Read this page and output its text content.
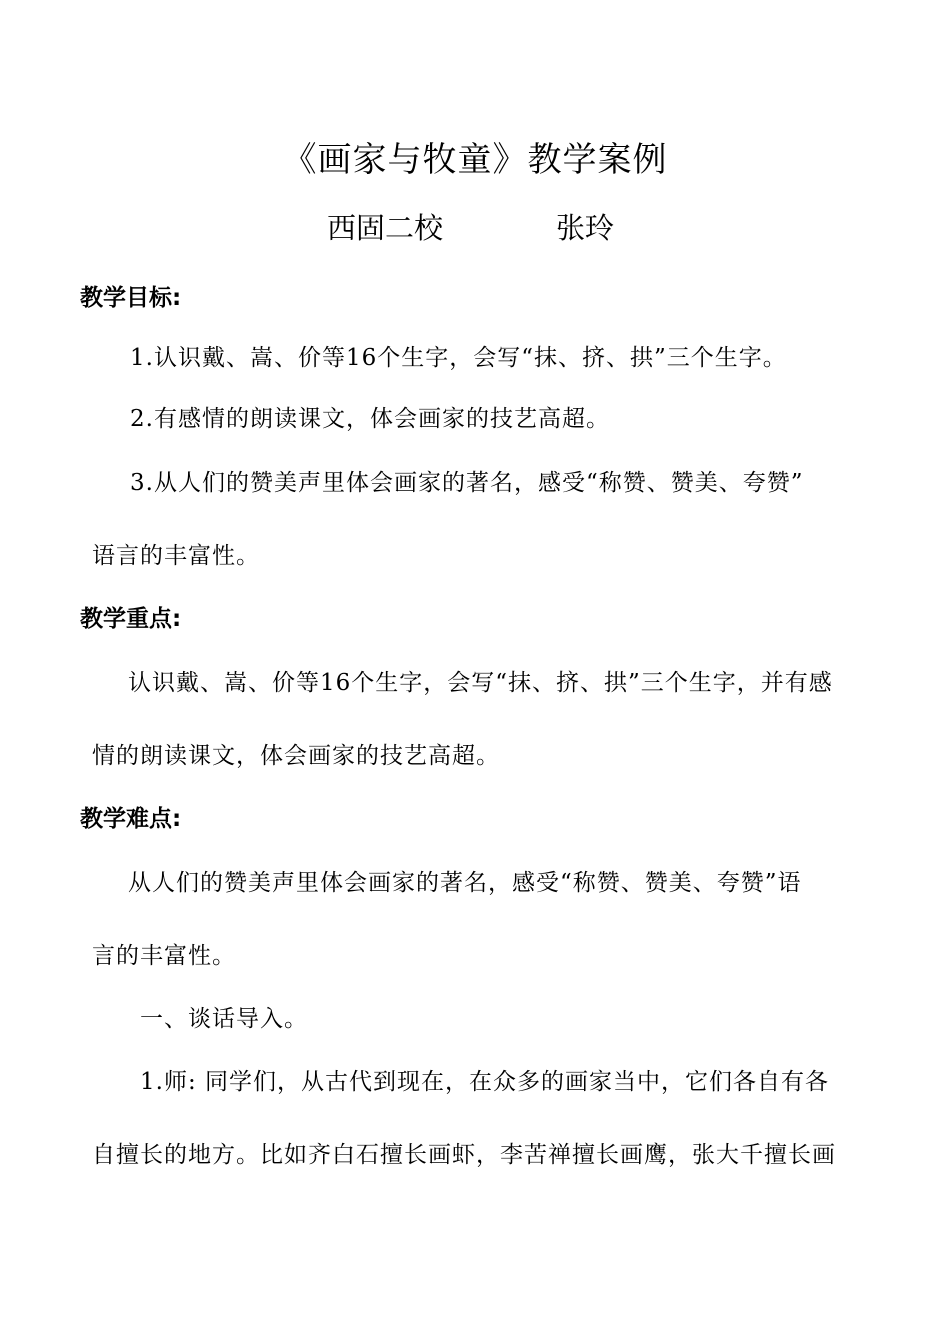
《画家与牧童》教学案例
西固二校	张玲
教学目标:
1.认识戴、嵩、价等16个生字，会写“抹、挤、拱”三个生字。
2.有感情的朗读课文，体会画家的技艺高超。
3.从人们的赞美声里体会画家的著名，感受“称赞、赞美、夸赞”
语言的丰富性。
教学重点:
认识戴、嵩、价等16个生字，会写“抹、挤、拱”三个生字，并有感
情的朗读课文，体会画家的技艺高超。
教学难点:
从人们的赞美声里体会画家的著名，感受“称赞、赞美、夸赞”语
言的丰富性。
一、谈话导入。
1.师: 同学们，从古代到现在，在众多的画家当中，它们各自有各
自擅长的地方。比如齐白石擅长画虾，李苦禅擅长画鹰，张大千擅长画
